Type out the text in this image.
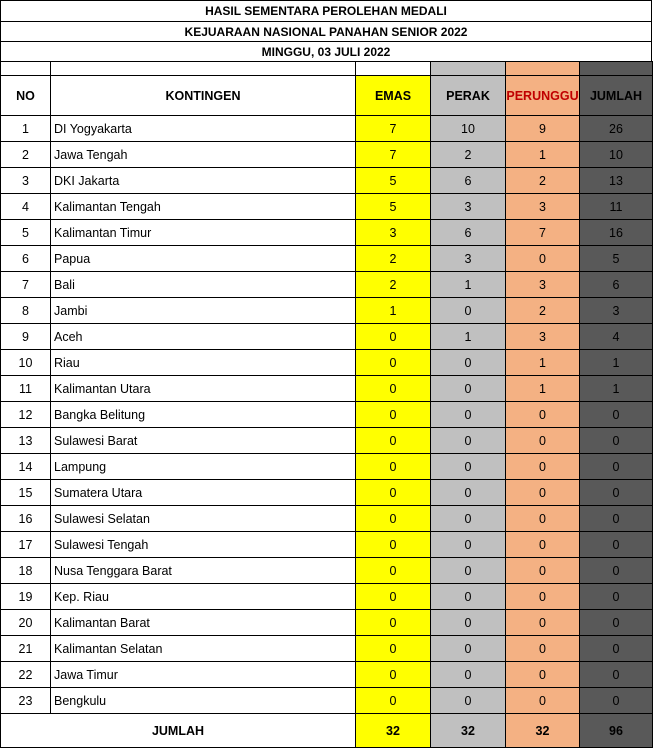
HASIL SEMENTARA PEROLEHAN MEDALI
KEJUARAAN NASIONAL PANAHAN SENIOR 2022
MINGGU, 03 JULI 2022

NO	KONTINGEN	EMAS	PERAK	PERUNGGU	JUMLAH
1	DI Yogyakarta	7	10	9	26
2	Jawa Tengah	7	2	1	10
3	DKI Jakarta	5	6	2	13
4	Kalimantan Tengah	5	3	3	11
5	Kalimantan Timur	3	6	7	16
6	Papua	2	3	0	5
7	Bali	2	1	3	6
8	Jambi	1	0	2	3
9	Aceh	0	1	3	4
10	Riau	0	0	1	1
11	Kalimantan Utara	0	0	1	1
12	Bangka Belitung	0	0	0	0
13	Sulawesi Barat	0	0	0	0
14	Lampung	0	0	0	0
15	Sumatera Utara	0	0	0	0
16	Sulawesi Selatan	0	0	0	0
17	Sulawesi Tengah	0	0	0	0
18	Nusa Tenggara Barat	0	0	0	0
19	Kep. Riau	0	0	0	0
20	Kalimantan Barat	0	0	0	0
21	Kalimantan Selatan	0	0	0	0
22	Jawa Timur	0	0	0	0
23	Bengkulu	0	0	0	0
JUMLAH		32	32	32	96
